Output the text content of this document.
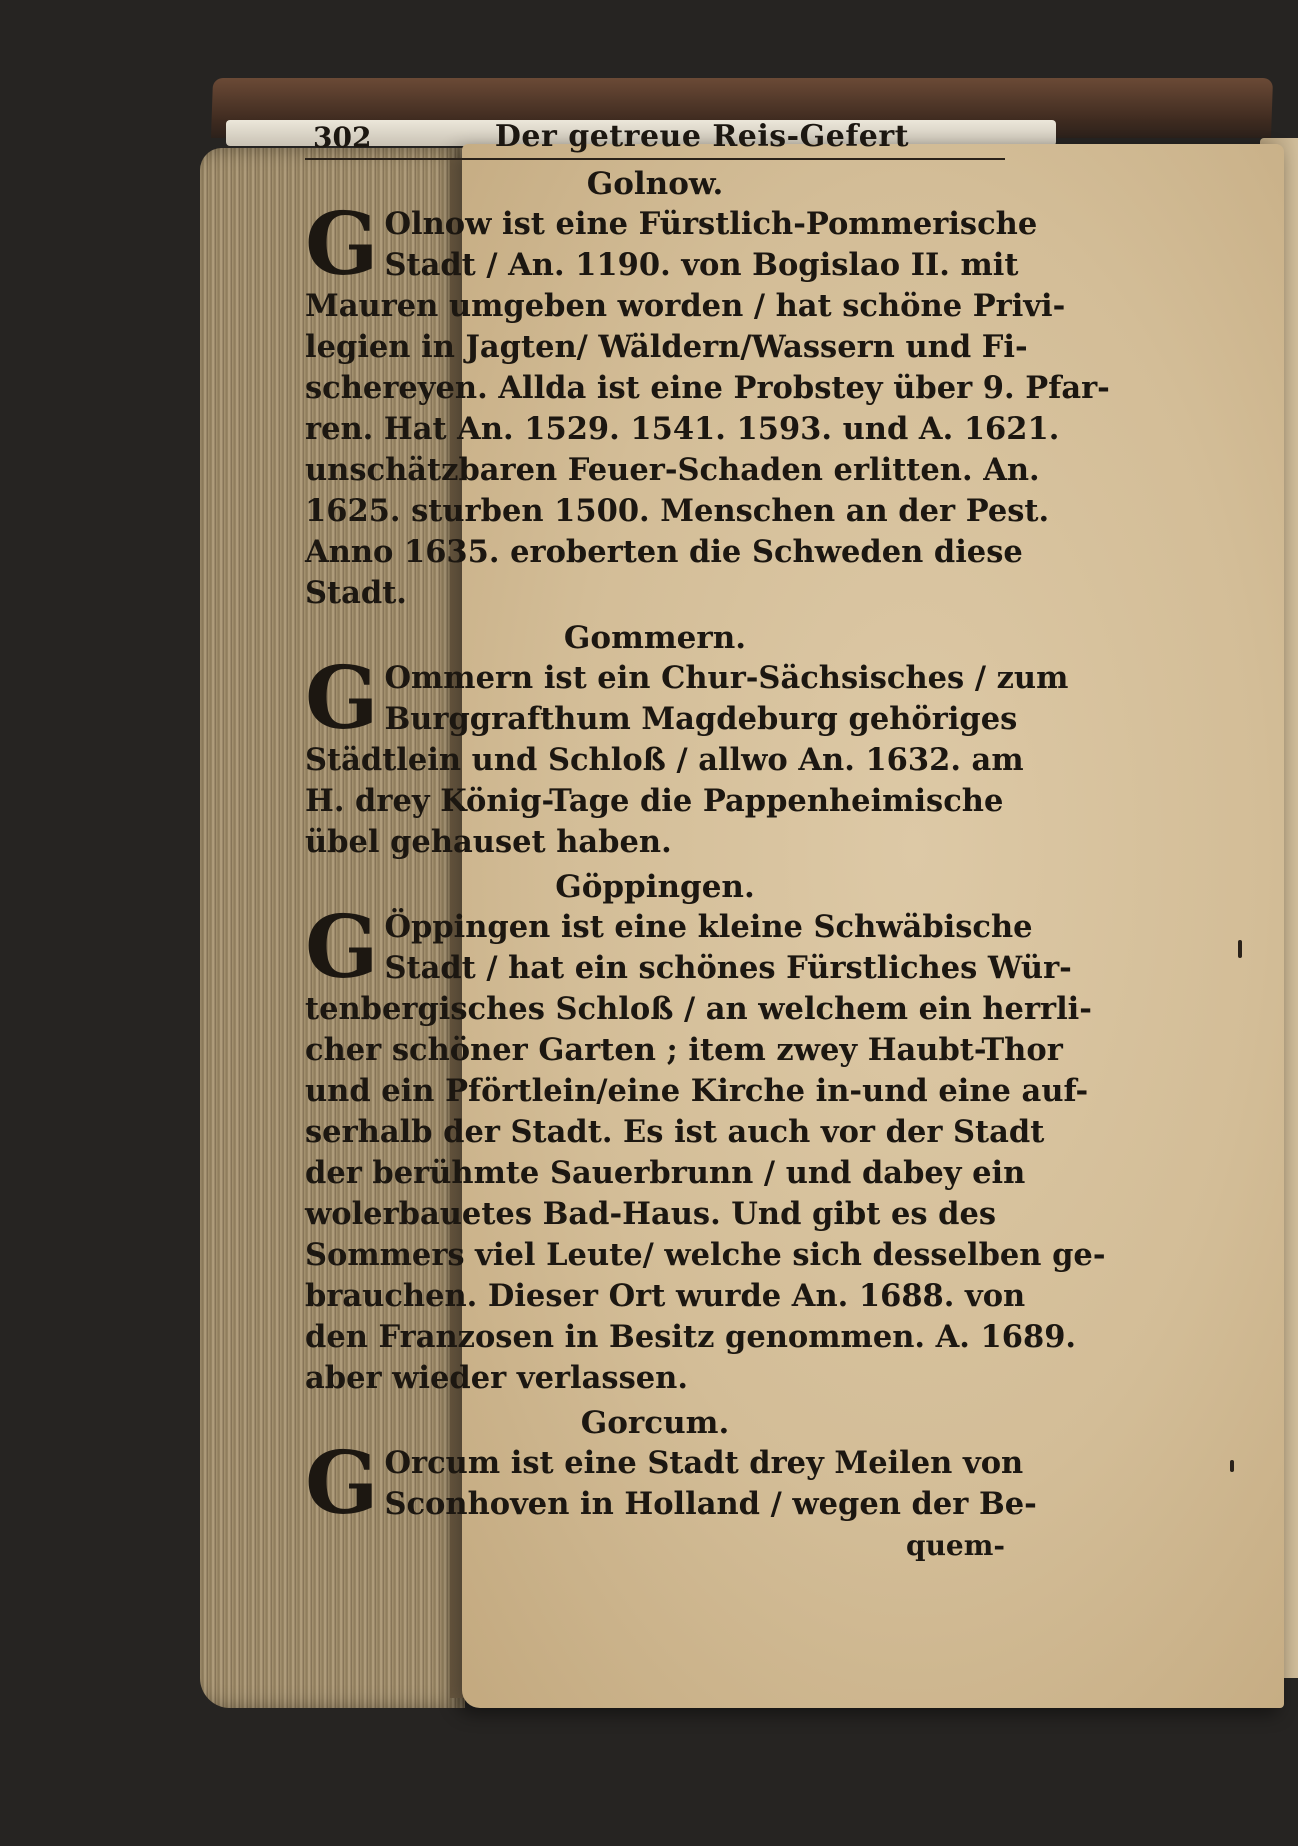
302	Der getreue Reis-Gefert
Golnow.
G Olnow ist eine Fürstlich-Pommerische
Stadt / An. 1190. von Bogislao II. mit
Mauren umgeben worden / hat schöne Privi-
legien in Jagten/ Wäldern/Wassern und Fi-
schereyen. Allda ist eine Probstey über 9. Pfar-
ren. Hat An. 1529. 1541. 1593. und A. 1621.
unschätzbaren Feuer-Schaden erlitten. An.
1625. sturben 1500. Menschen an der Pest.
Anno 1635. eroberten die Schweden diese
Stadt.
Gommern.
G Ommern ist ein Chur-Sächsisches / zum
Burggrafthum Magdeburg gehöriges
Städtlein und Schloß / allwo An. 1632. am
H. drey König-Tage die Pappenheimische
übel gehauset haben.
Göppingen.
G Öppingen ist eine kleine Schwäbische
Stadt / hat ein schönes Fürstliches Wür-
tenbergisches Schloß / an welchem ein herrli-
cher schöner Garten ; item zwey Haubt-Thor
und ein Pförtlein/eine Kirche in-und eine auf-
serhalb der Stadt. Es ist auch vor der Stadt
der berühmte Sauerbrunn / und dabey ein
wolerbauetes Bad-Haus. Und gibt es des
Sommers viel Leute/ welche sich desselben ge-
brauchen. Dieser Ort wurde An. 1688. von
den Franzosen in Besitz genommen. A. 1689.
aber wieder verlassen.
Gorcum.
G Orcum ist eine Stadt drey Meilen von
Sconhoven in Holland / wegen der Be-
quem-
